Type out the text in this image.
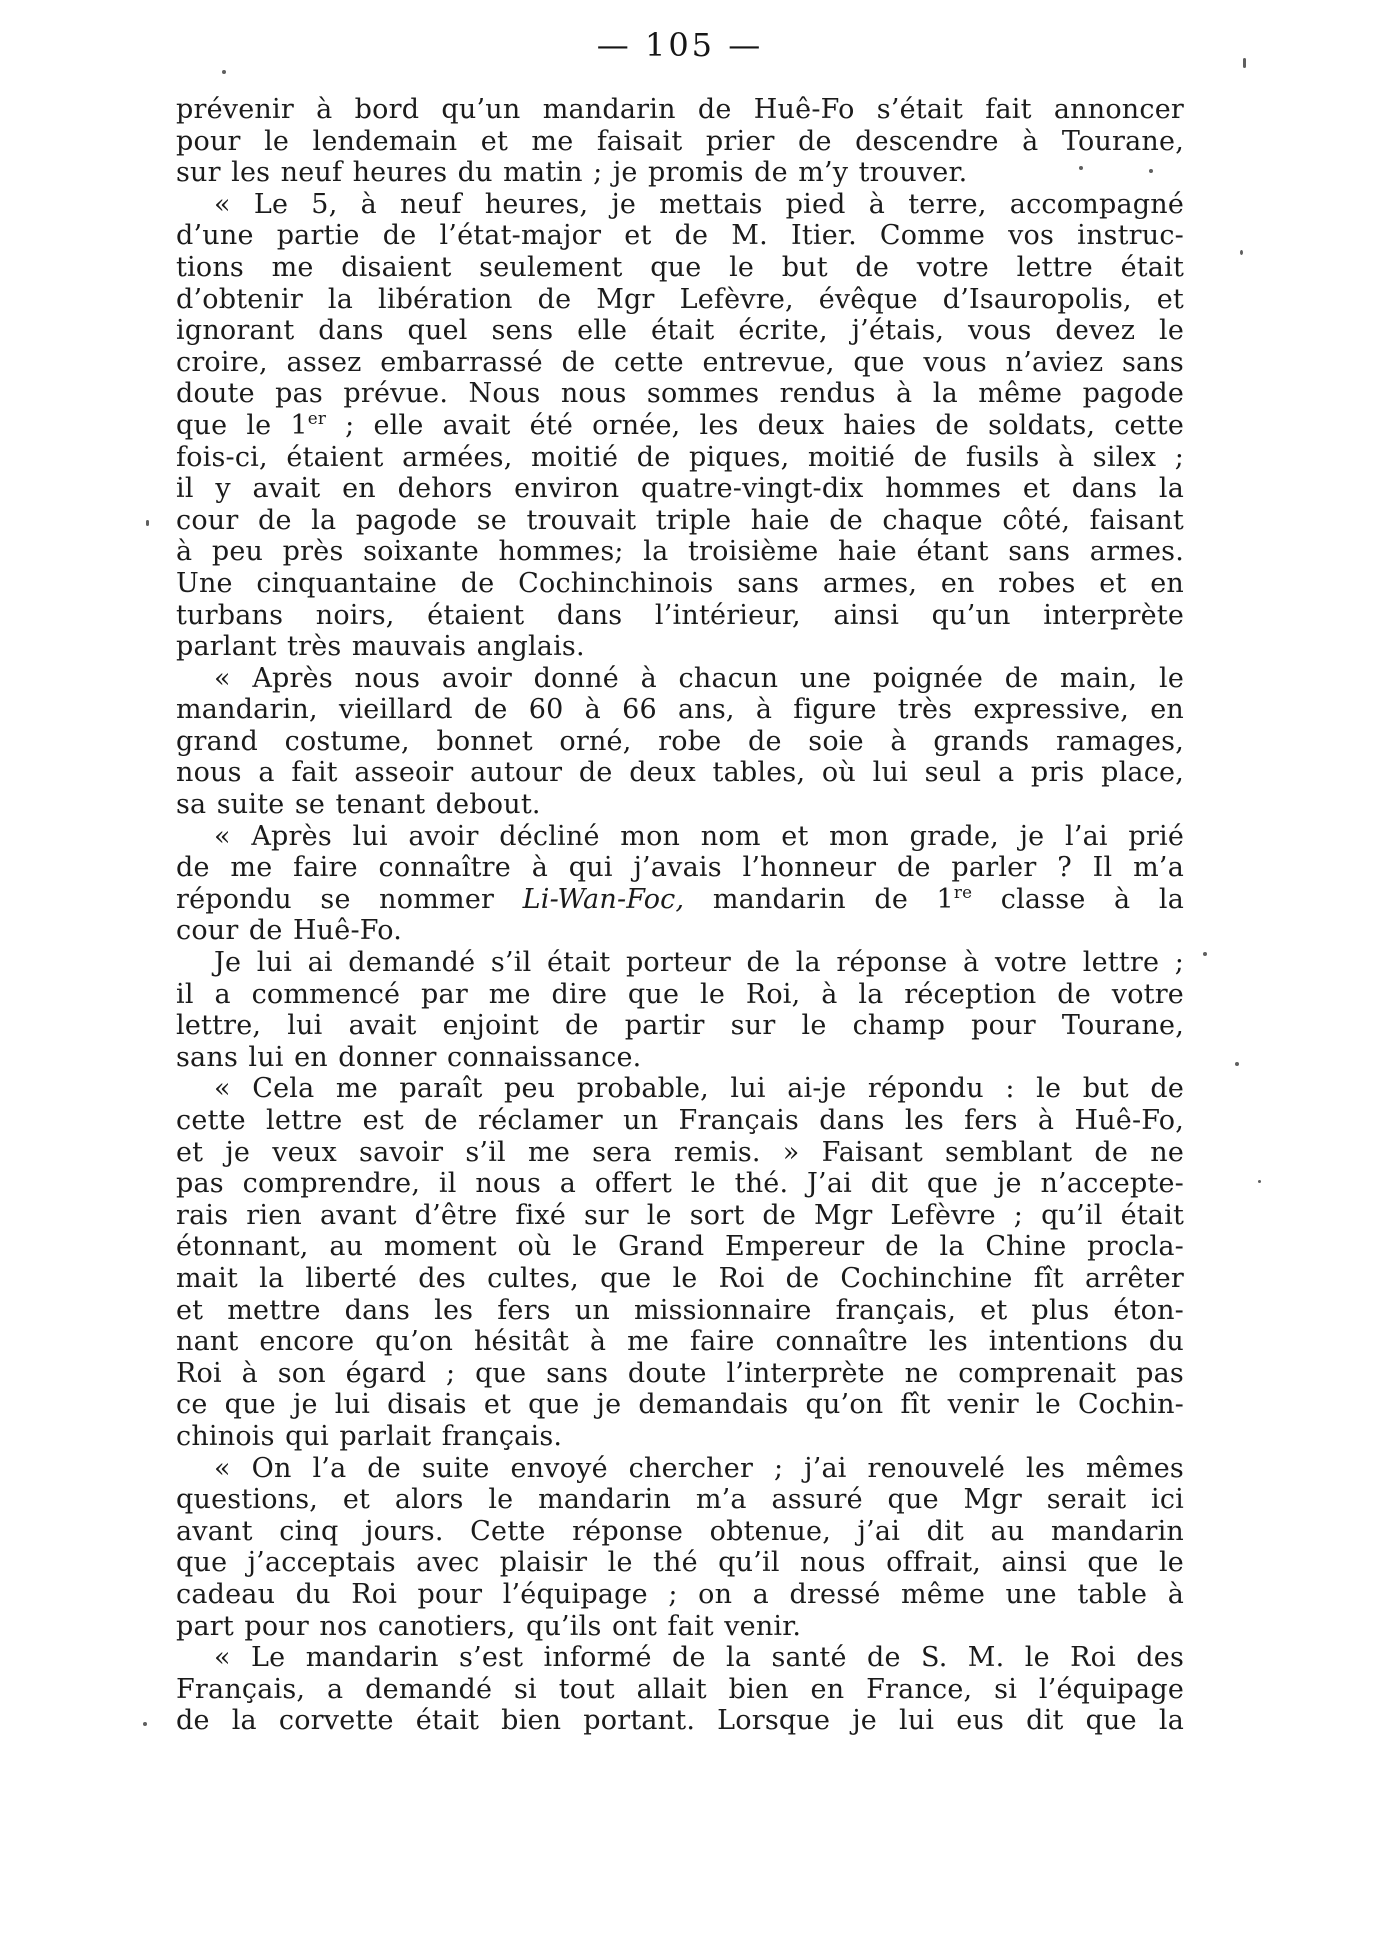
— 105 —
prévenir à bord qu’un mandarin de Huê-Fo s’était fait annoncer
pour le lendemain et me faisait prier de descendre à Tourane,
sur les neuf heures du matin ; je promis de m’y trouver.
« Le 5, à neuf heures, je mettais pied à terre, accompagné
d’une partie de l’état-major et de M. Itier. Comme vos instruc-
tions me disaient seulement que le but de votre lettre était
d’obtenir la libération de Mgr Lefèvre, évêque d’Isauropolis, et
ignorant dans quel sens elle était écrite, j’étais, vous devez le
croire, assez embarrassé de cette entrevue, que vous n’aviez sans
doute pas prévue. Nous nous sommes rendus à la même pagode
que le 1er ; elle avait été ornée, les deux haies de soldats, cette
fois-ci, étaient armées, moitié de piques, moitié de fusils à silex ;
il y avait en dehors environ quatre-vingt-dix hommes et dans la
cour de la pagode se trouvait triple haie de chaque côté, faisant
à peu près soixante hommes; la troisième haie étant sans armes.
Une cinquantaine de Cochinchinois sans armes, en robes et en
turbans noirs, étaient dans l’intérieur, ainsi qu’un interprète
parlant très mauvais anglais.
« Après nous avoir donné à chacun une poignée de main, le
mandarin, vieillard de 60 à 66 ans, à figure très expressive, en
grand costume, bonnet orné, robe de soie à grands ramages,
nous a fait asseoir autour de deux tables, où lui seul a pris place,
sa suite se tenant debout.
« Après lui avoir décliné mon nom et mon grade, je l’ai prié
de me faire connaître à qui j’avais l’honneur de parler ? Il m’a
répondu se nommer Li-Wan-Foc, mandarin de 1re classe à la
cour de Huê-Fo.
Je lui ai demandé s’il était porteur de la réponse à votre lettre ;
il a commencé par me dire que le Roi, à la réception de votre
lettre, lui avait enjoint de partir sur le champ pour Tourane,
sans lui en donner connaissance.
« Cela me paraît peu probable, lui ai-je répondu : le but de
cette lettre est de réclamer un Français dans les fers à Huê-Fo,
et je veux savoir s’il me sera remis. » Faisant semblant de ne
pas comprendre, il nous a offert le thé. J’ai dit que je n’accepte-
rais rien avant d’être fixé sur le sort de Mgr Lefèvre ; qu’il était
étonnant, au moment où le Grand Empereur de la Chine procla-
mait la liberté des cultes, que le Roi de Cochinchine fît arrêter
et mettre dans les fers un missionnaire français, et plus éton-
nant encore qu’on hésitât à me faire connaître les intentions du
Roi à son égard ; que sans doute l’interprète ne comprenait pas
ce que je lui disais et que je demandais qu’on fît venir le Cochin-
chinois qui parlait français.
« On l’a de suite envoyé chercher ; j’ai renouvelé les mêmes
questions, et alors le mandarin m’a assuré que Mgr serait ici
avant cinq jours. Cette réponse obtenue, j’ai dit au mandarin
que j’acceptais avec plaisir le thé qu’il nous offrait, ainsi que le
cadeau du Roi pour l’équipage ; on a dressé même une table à
part pour nos canotiers, qu’ils ont fait venir.
« Le mandarin s’est informé de la santé de S. M. le Roi des
Français, a demandé si tout allait bien en France, si l’équipage
de la corvette était bien portant. Lorsque je lui eus dit que la
